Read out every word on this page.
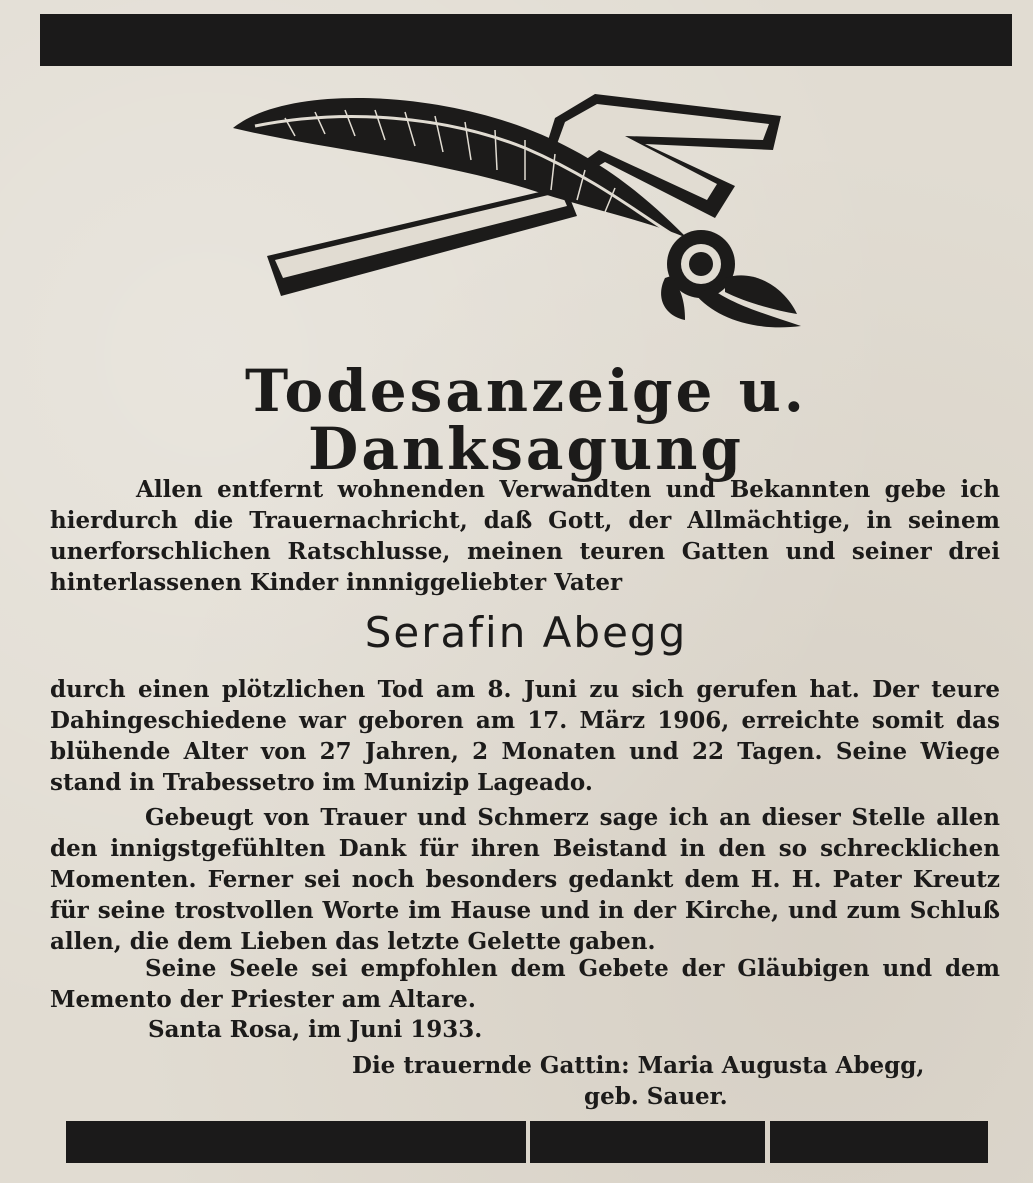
Todesanzeige u. Danksagung
Allen entfernt wohnenden Verwandten und Bekannten gebe ich hierdurch die Trauernachricht, daß Gott, der Allmächtige, in seinem unerforschlichen Ratschlusse, meinen teuren Gatten und seiner drei hinterlassenen Kinder innniggeliebter Vater
Serafin Abegg
durch einen plötzlichen Tod am 8. Juni zu sich gerufen hat. Der teure Dahingeschiedene war geboren am 17. März 1906, erreichte somit das blühende Alter von 27 Jahren, 2 Monaten und 22 Tagen. Seine Wiege stand in Trabessetro im Munizip Lageado.
Gebeugt von Trauer und Schmerz sage ich an dieser Stelle allen den innigstgefühlten Dank für ihren Beistand in den so schrecklichen Momenten. Ferner sei noch besonders gedankt dem H. H. Pater Kreutz für seine trostvollen Worte im Hause und in der Kirche, und zum Schluß allen, die dem Lieben das letzte Gelette gaben.
Seine Seele sei empfohlen dem Gebete der Gläubigen und dem Memento der Priester am Altare.
Santa Rosa, im Juni 1933.
Die trauernde Gattin: Maria Augusta Abegg,
geb. Sauer.
